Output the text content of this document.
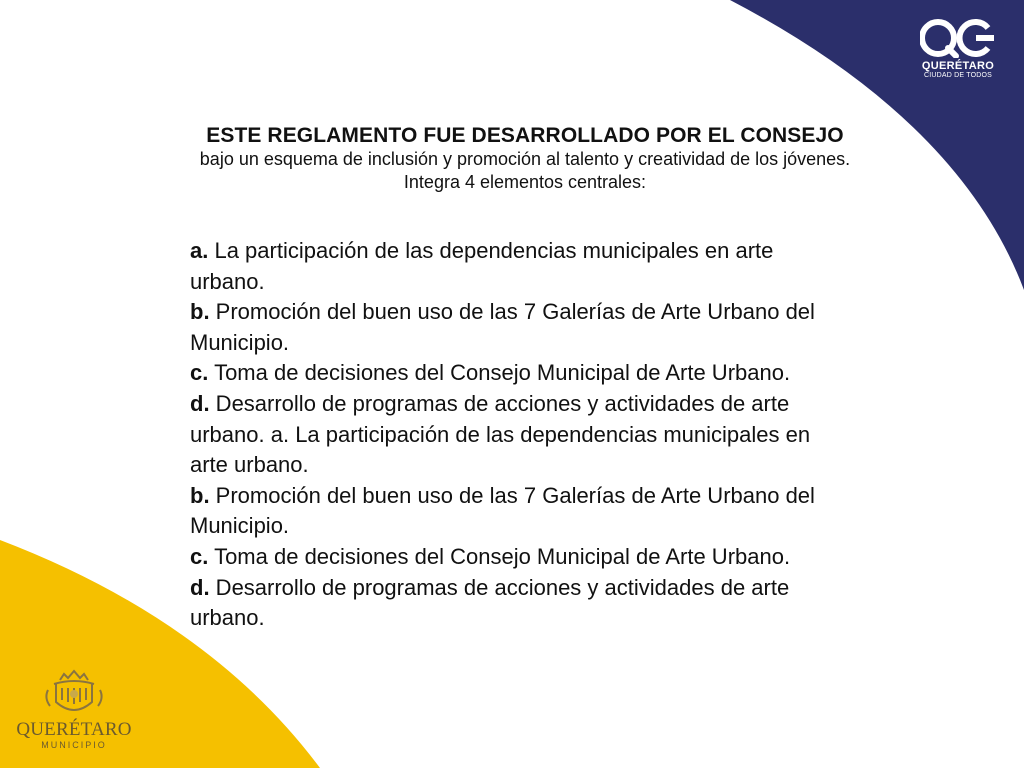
QUERÉTARO
CIUDAD DE TODOS
ESTE REGLAMENTO FUE DESARROLLADO POR EL CONSEJO
bajo un esquema de inclusión y promoción al talento y creatividad de los jóvenes.
Integra 4 elementos centrales:
a. La participación de las dependencias municipales en arte urbano.
b. Promoción del buen uso de las 7 Galerías de Arte Urbano del Municipio.
c. Toma de decisiones del Consejo Municipal de Arte Urbano.
d. Desarrollo de programas de acciones y actividades de arte urbano. a. La participación de las dependencias municipales en arte urbano.
b. Promoción del buen uso de las 7 Galerías de Arte Urbano del Municipio.
c. Toma de decisiones del Consejo Municipal de Arte Urbano.
d. Desarrollo de programas de acciones y actividades de arte urbano.
QUERÉTARO
MUNICIPIO
